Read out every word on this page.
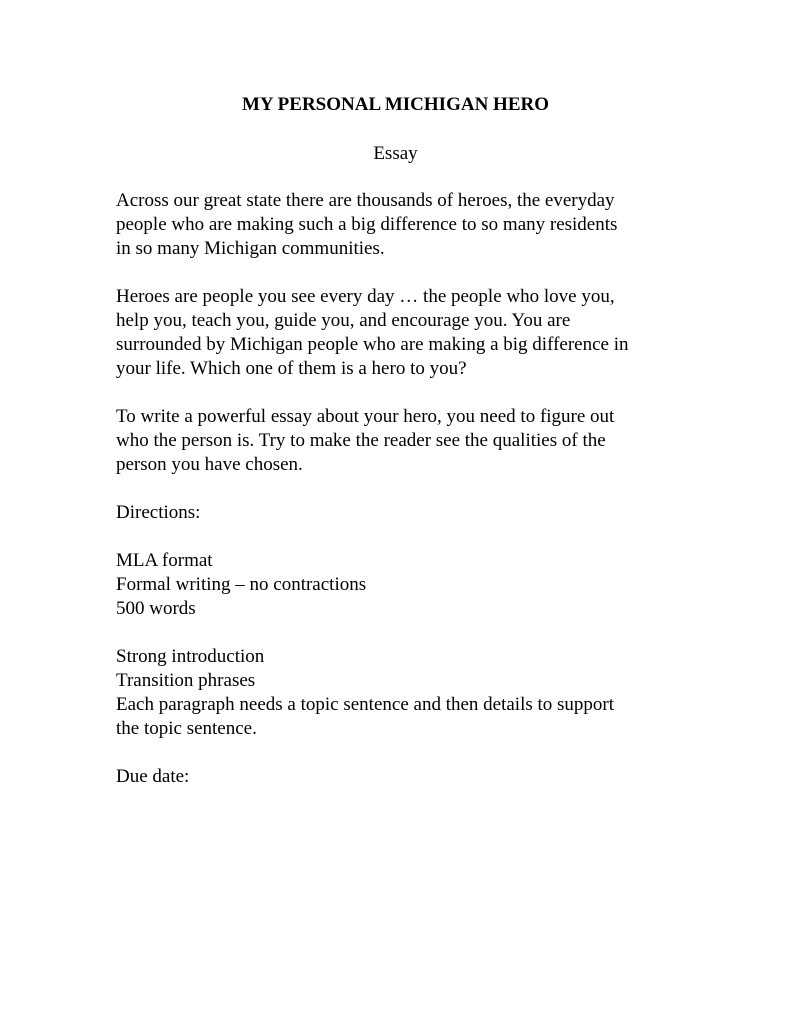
MY PERSONAL MICHIGAN HERO
Essay
Across our great state there are thousands of heroes, the everyday
people who are making such a big difference to so many residents
in so many Michigan communities.
Heroes are people you see every day … the people who love you,
help you, teach you, guide you, and encourage you. You are
surrounded by Michigan people who are making a big difference in
your life. Which one of them is a hero to you?
To write a powerful essay about your hero, you need to figure out
who the person is. Try to make the reader see the qualities of the
person you have chosen.
Directions:
MLA format
Formal writing – no contractions
500 words
Strong introduction
Transition phrases
Each paragraph needs a topic sentence and then details to support
the topic sentence.
Due date:
